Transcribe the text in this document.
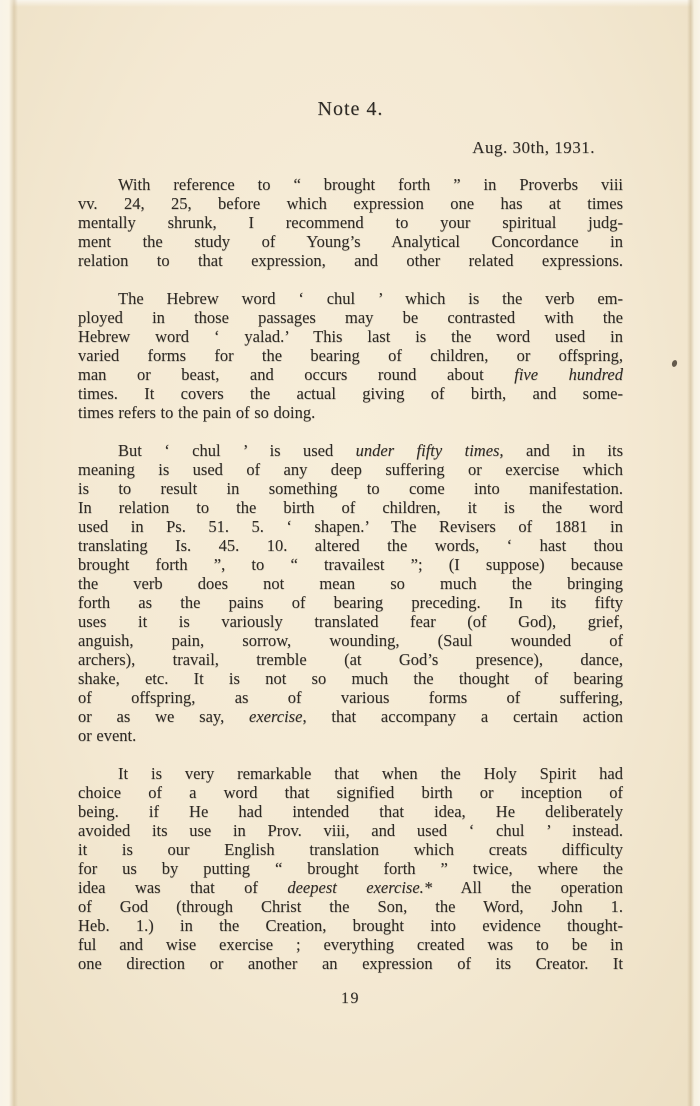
Note 4.
Aug. 30th, 1931.
With reference to “ brought forth ” in Proverbs viii
vv. 24, 25, before which expression one has at times
mentally shrunk, I recommend to your spiritual judg-
ment the study of Young’s Analytical Concordance in
relation to that expression, and other related expressions.
The Hebrew word ‘ chul ’ which is the verb em-
ployed in those passages may be contrasted with the
Hebrew word ‘ yalad.’ This last is the word used in
varied forms for the bearing of children, or offspring,
man or beast, and occurs round about five hundred
times. It covers the actual giving of birth, and some-
times refers to the pain of so doing.
But ‘ chul ’ is used under fifty times, and in its
meaning is used of any deep suffering or exercise which
is to result in something to come into manifestation.
In relation to the birth of children, it is the word
used in Ps. 51. 5. ‘ shapen.’ The Revisers of 1881 in
translating Is. 45. 10. altered the words, ‘ hast thou
brought forth ”, to “ travailest ”; (I suppose) because
the verb does not mean so much the bringing
forth as the pains of bearing preceding. In its fifty
uses it is variously translated fear (of God), grief,
anguish, pain, sorrow, wounding, (Saul wounded of
archers), travail, tremble (at God’s presence), dance,
shake, etc. It is not so much the thought of bearing
of offspring, as of various forms of suffering,
or as we say, exercise, that accompany a certain action
or event.
It is very remarkable that when the Holy Spirit had
choice of a word that signified birth or inception of
being. if He had intended that idea, He deliberately
avoided its use in Prov. viii, and used ‘ chul ’ instead.
it is our English translation which creats difficulty
for us by putting “ brought forth ” twice, where the
idea was that of deepest exercise.* All the operation
of God (through Christ the Son, the Word, John 1.
Heb. 1.) in the Creation, brought into evidence thought-
ful and wise exercise ; everything created was to be in
one direction or another an expression of its Creator. It
19
